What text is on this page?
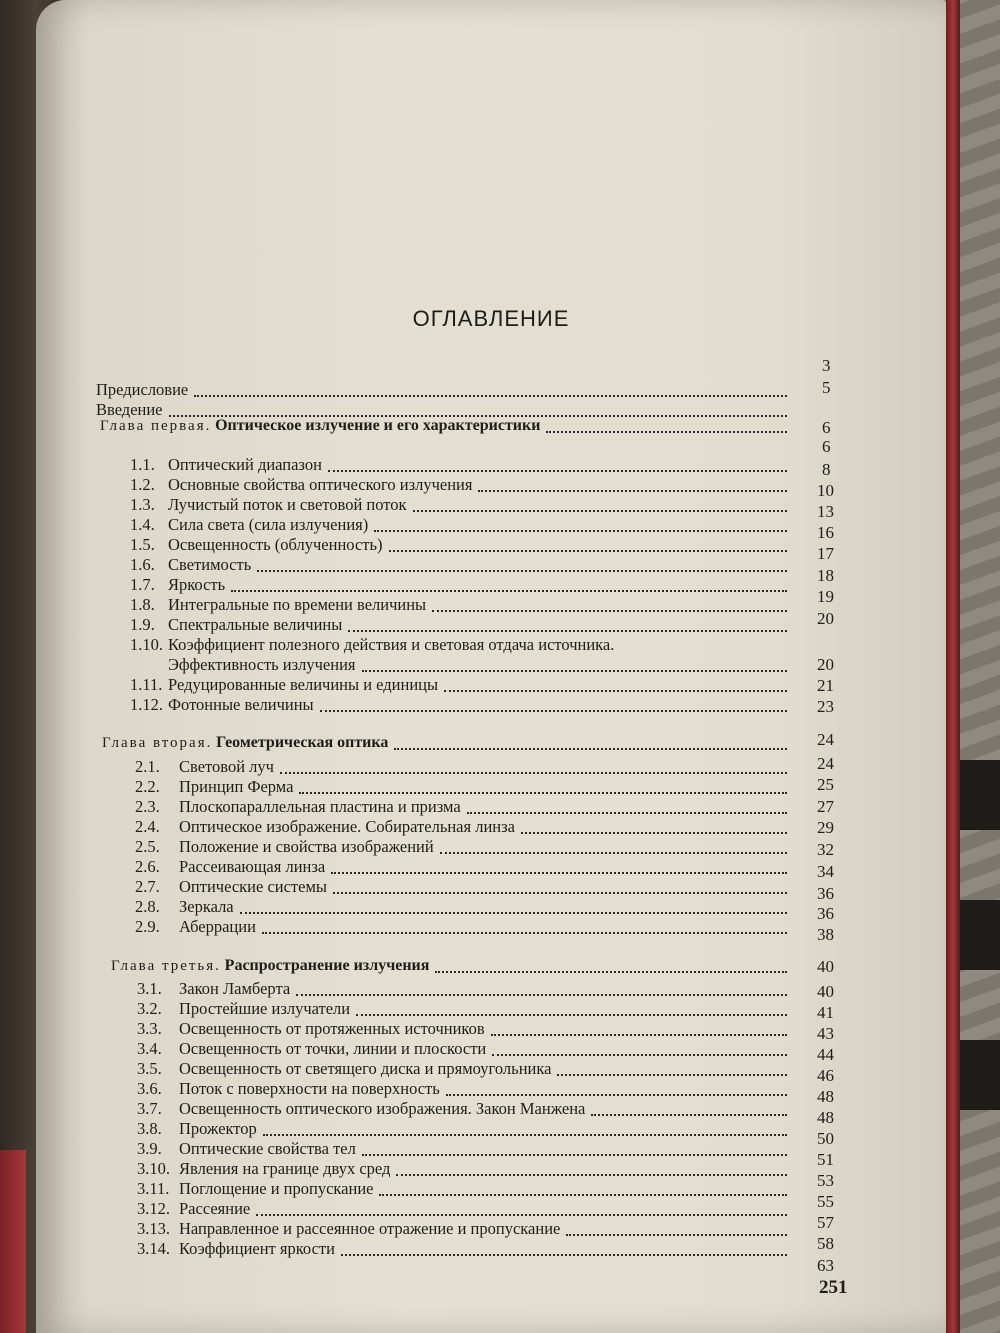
ОГЛАВЛЕНИЕ
Предисловие
Введение
Глава первая. Оптическое излучение и его характеристики
1.1. Оптический диапазон
1.2. Основные свойства оптического излучения
1.3. Лучистый поток и световой поток
1.4. Сила света (сила излучения)
1.5. Освещенность (облученность)
1.6. Светимость
1.7. Яркость
1.8. Интегральные по времени величины
1.9. Спектральные величины
1.10. Коэффициент полезного действия и световая отдача источника.
Эффективность излучения
1.11. Редуцированные величины и единицы
1.12. Фотонные величины
Глава вторая. Геометрическая оптика
2.1. Световой луч
2.2. Принцип Ферма
2.3. Плоскопараллельная пластина и призма
2.4. Оптическое изображение. Собирательная линза
2.5. Положение и свойства изображений
2.6. Рассеивающая линза
2.7. Оптические системы
2.8. Зеркала
2.9. Аберрации
Глава третья. Распространение излучения
3.1. Закон Ламберта
3.2. Простейшие излучатели
3.3. Освещенность от протяженных источников
3.4. Освещенность от точки, линии и плоскости
3.5. Освещенность от светящего диска и прямоугольника
3.6. Поток с поверхности на поверхность
3.7. Освещенность оптического изображения. Закон Манжена
3.8. Прожектор
3.9. Оптические свойства тел
3.10. Явления на границе двух сред
3.11. Поглощение и пропускание
3.12. Рассеяние
3.13. Направленное и рассеянное отражение и пропускание
3.14. Коэффициент яркости
3
5
6
6
8
10
13
16
17
18
19
20
20
21
23
24
24
25
27
29
32
34
36
36
38
40
40
41
43
44
46
48
48
50
51
53
55
57
58
63
251
